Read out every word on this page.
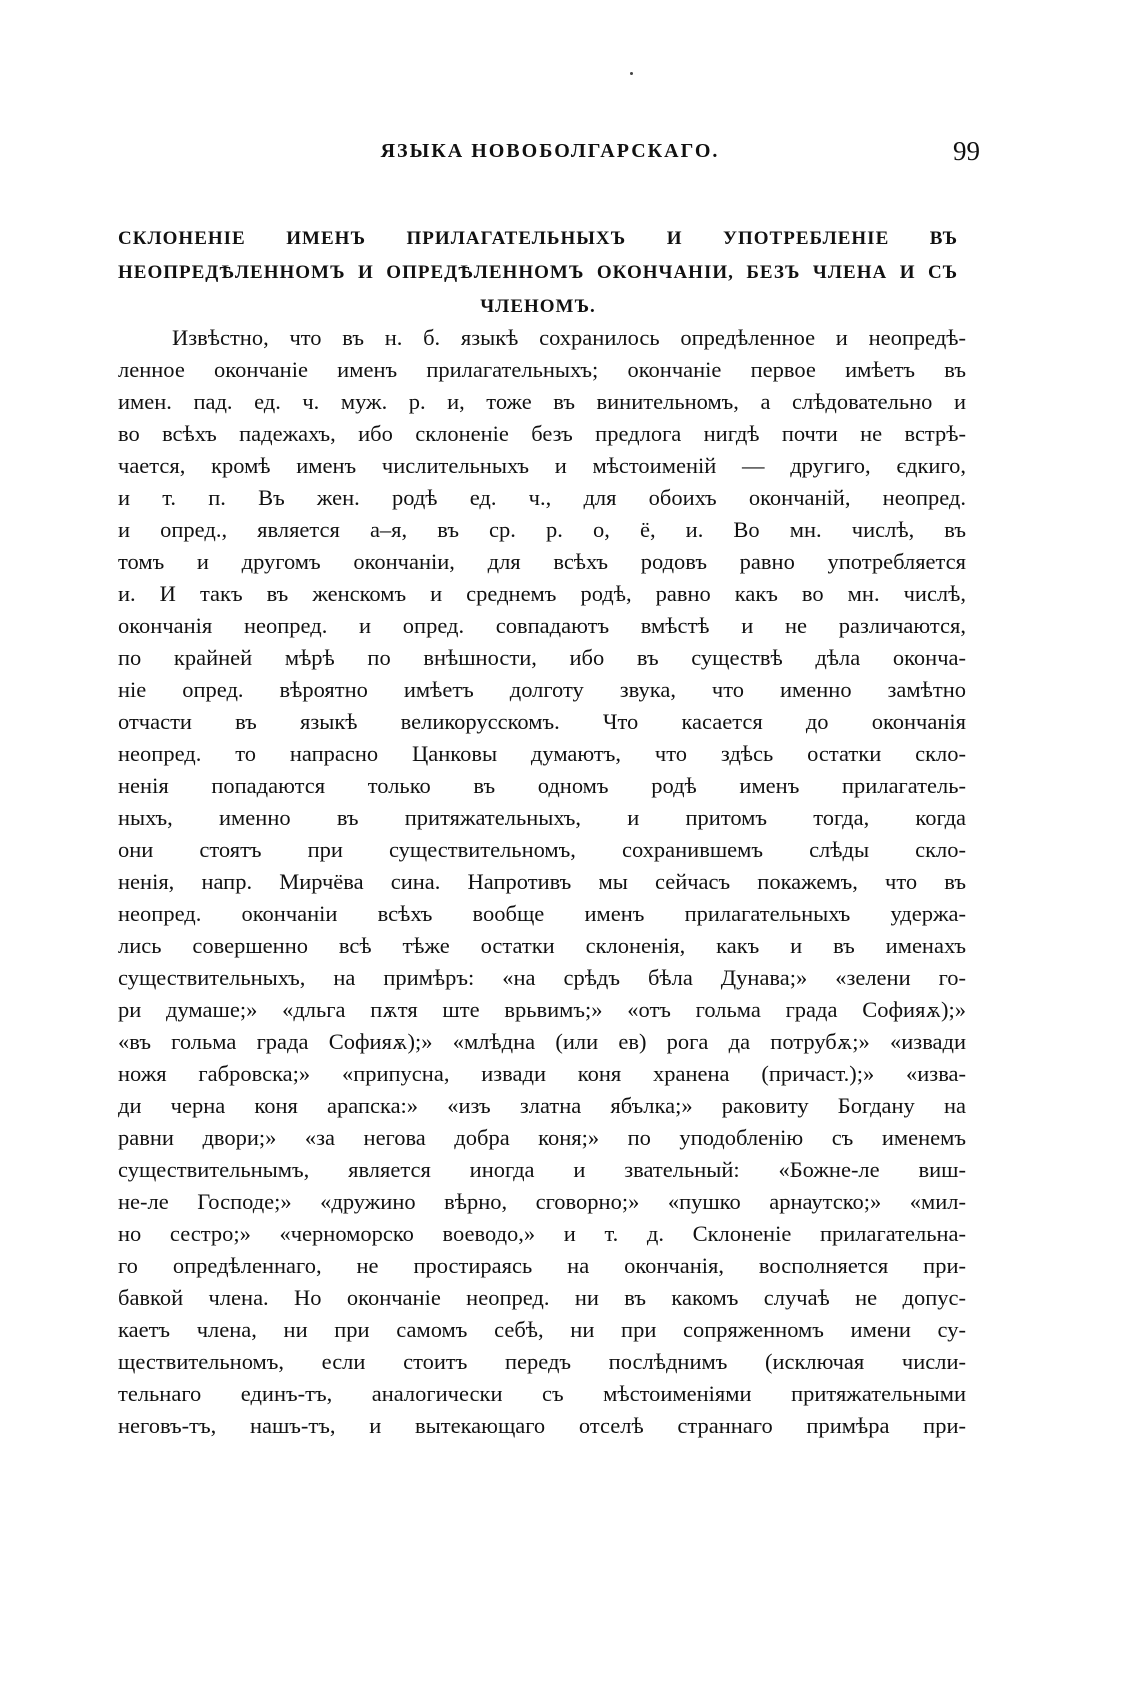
ЯЗЫКА НОВОБОЛГАРСКАГО.	99
СКЛОНЕНІЕ ИМЕНЪ ПРИЛАГАТЕЛЬНЫХЪ И УПОТРЕБЛЕНІЕ ВЪ НЕОПРЕДѢЛЕННОМЪ И ОПРЕДѢЛЕННОМЪ ОКОНЧАНІИ, БЕЗЪ ЧЛЕНА И СЪ ЧЛЕНОМЪ.
Извѣстно, что въ н. б. языкѣ сохранилось опредѣленное и неопредѣ-
ленное окончаніе именъ прилагательныхъ; окончаніе первое имѣетъ въ
имен. пад. ед. ч. муж. р. и, тоже въ винительномъ, а слѣдовательно и
во всѣхъ падежахъ, ибо склоненіе безъ предлога нигдѣ почти не встрѣ-
чается, кромѣ именъ числительныхъ и мѣстоименій — другиго, єдкиго,
и т. п. Въ жен. родѣ ед. ч., для обоихъ окончаній, неопред.
и опред., является а–я, въ ср. р. о, ё, и. Во мн. числѣ, въ
томъ и другомъ окончаніи, для всѣхъ родовъ равно употребляется
и. И такъ въ женскомъ и среднемъ родѣ, равно какъ во мн. числѣ,
окончанія неопред. и опред. совпадаютъ вмѣстѣ и не различаются,
по крайней мѣрѣ по внѣшности, ибо въ существѣ дѣла оконча-
ніе опред. вѣроятно имѣетъ долготу звука, что именно замѣтно
отчасти въ языкѣ великорусскомъ. Что касается до окончанія
неопред. то напрасно Цанковы думаютъ, что здѣсь остатки скло-
ненія попадаются только въ одномъ родѣ именъ прилагатель-
ныхъ, именно въ притяжательныхъ, и притомъ тогда, когда
они стоятъ при существительномъ, сохранившемъ слѣды скло-
ненія, напр. Мирчёва сина. Напротивъ мы сейчасъ покажемъ, что въ
неопред. окончаніи всѣхъ вообще именъ прилагательныхъ удержа-
лись совершенно всѣ тѣже остатки склоненія, какъ и въ именахъ
существительныхъ, на примѣръ: «на срѣдъ бѣла Дунава;» «зелени го-
ри думаше;» «дльга пѫтя ште врьвимъ;» «отъ гольма града Софияѫ);»
«въ гольма града Софияѫ);» «млѣдна (или ев) рога да потрубѫ;» «извади
ножя габровска;» «припусна, извади коня хранена (причаст.);» «изва-
ди черна коня арапска:» «изъ златна ябълка;» ракoвиту Богдану на
равни двори;» «за негова добра коня;» по уподобленію съ именемъ
существительнымъ, является иногда и звательный: «Божне-ле виш-
не-ле Господе;» «дружино вѣрно, сговорно;» «пушко арнаутско;» «мил-
но сестро;» «черноморско воеводо,» и т. д. Склоненіе прилагательна-
го опредѣленнаго, не простираясь на окончанія, восполняется при-
бавкой члена. Но окончаніе неопред. ни въ какомъ случаѣ не допус-
каетъ члена, ни при самомъ себѣ, ни при сопряженномъ имени су-
ществительномъ, если стоитъ передъ послѣднимъ (исключая числи-
тельнаго единъ-тъ, аналогически съ мѣстоименіями притяжательными
неговъ-тъ, нашъ-тъ, и вытекающаго отселѣ страннаго примѣра при-
